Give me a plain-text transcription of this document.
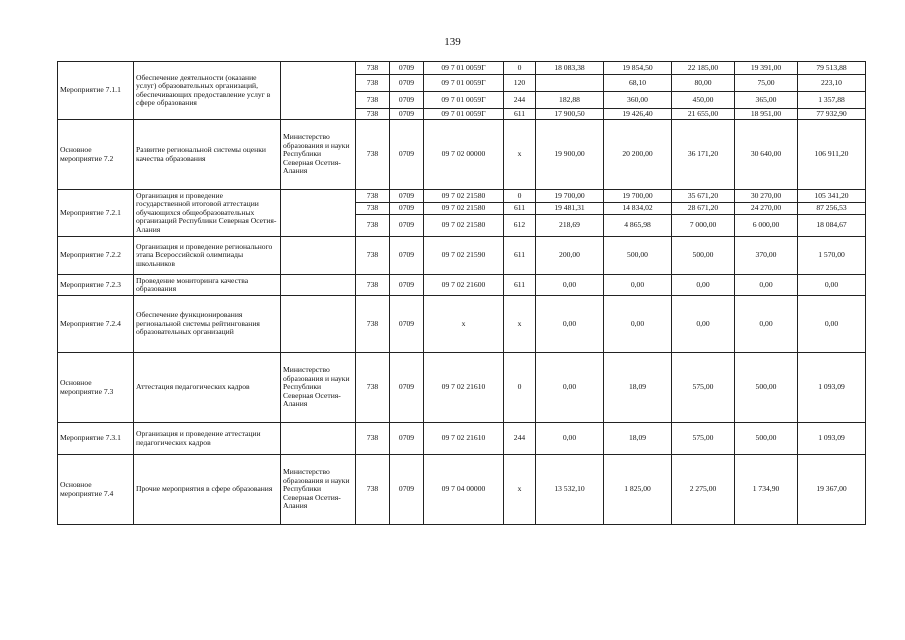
139
Мероприятие 7.1.1	Обеспечение деятельности (оказание услуг) образовательных организаций, обеспечивающих предоставление услуг в сфере образования		738	0709	09 7 01 0059Г	0	18 083,38	19 854,50	22 185,00	19 391,00	79 513,88
			738	0709	09 7 01 0059Г	120		68,10	80,00	75,00	223,10
			738	0709	09 7 01 0059Г	244	182,88	360,00	450,00	365,00	1 357,88
			738	0709	09 7 01 0059Г	611	17 900,50	19 426,40	21 655,00	18 951,00	77 932,90
Основное мероприятие 7.2	Развитие региональной системы оценки качества образования	Министерство образования и науки Республики Северная Осетия-Алания	738	0709	09 7 02 00000	x	19 900,00	20 200,00	36 171,20	30 640,00	106 911,20
Мероприятие 7.2.1	Организация и проведение государственной итоговой аттестации обучающихся общеобразовательных организаций Республики Северная Осетия-Алания		738	0709	09 7 02 21580	0	19 700,00	19 700,00	35 671,20	30 270,00	105 341,20
			738	0709	09 7 02 21580	611	19 481,31	14 834,02	28 671,20	24 270,00	87 256,53
			738	0709	09 7 02 21580	612	218,69	4 865,98	7 000,00	6 000,00	18 084,67
Мероприятие 7.2.2	Организация и проведение регионального этапа Всероссийской олимпиады школьников		738	0709	09 7 02 21590	611	200,00	500,00	500,00	370,00	1 570,00
Мероприятие 7.2.3	Проведение мониторинга качества образования		738	0709	09 7 02 21600	611	0,00	0,00	0,00	0,00	0,00
Мероприятие 7.2.4	Обеспечение функционирования региональной системы рейтингования образовательных организаций		738	0709	x	x	0,00	0,00	0,00	0,00	0,00
Основное мероприятие 7.3	Аттестация педагогических кадров	Министерство образования и науки Республики Северная Осетия-Алания	738	0709	09 7 02 21610	0	0,00	18,09	575,00	500,00	1 093,09
Мероприятие 7.3.1	Организация и проведение аттестации педагогических кадров		738	0709	09 7 02 21610	244	0,00	18,09	575,00	500,00	1 093,09
Основное мероприятие 7.4	Прочие мероприятия в сфере образования	Министерство образования и науки Республики Северная Осетия-Алания	738	0709	09 7 04 00000	x	13 532,10	1 825,00	2 275,00	1 734,90	19 367,00
